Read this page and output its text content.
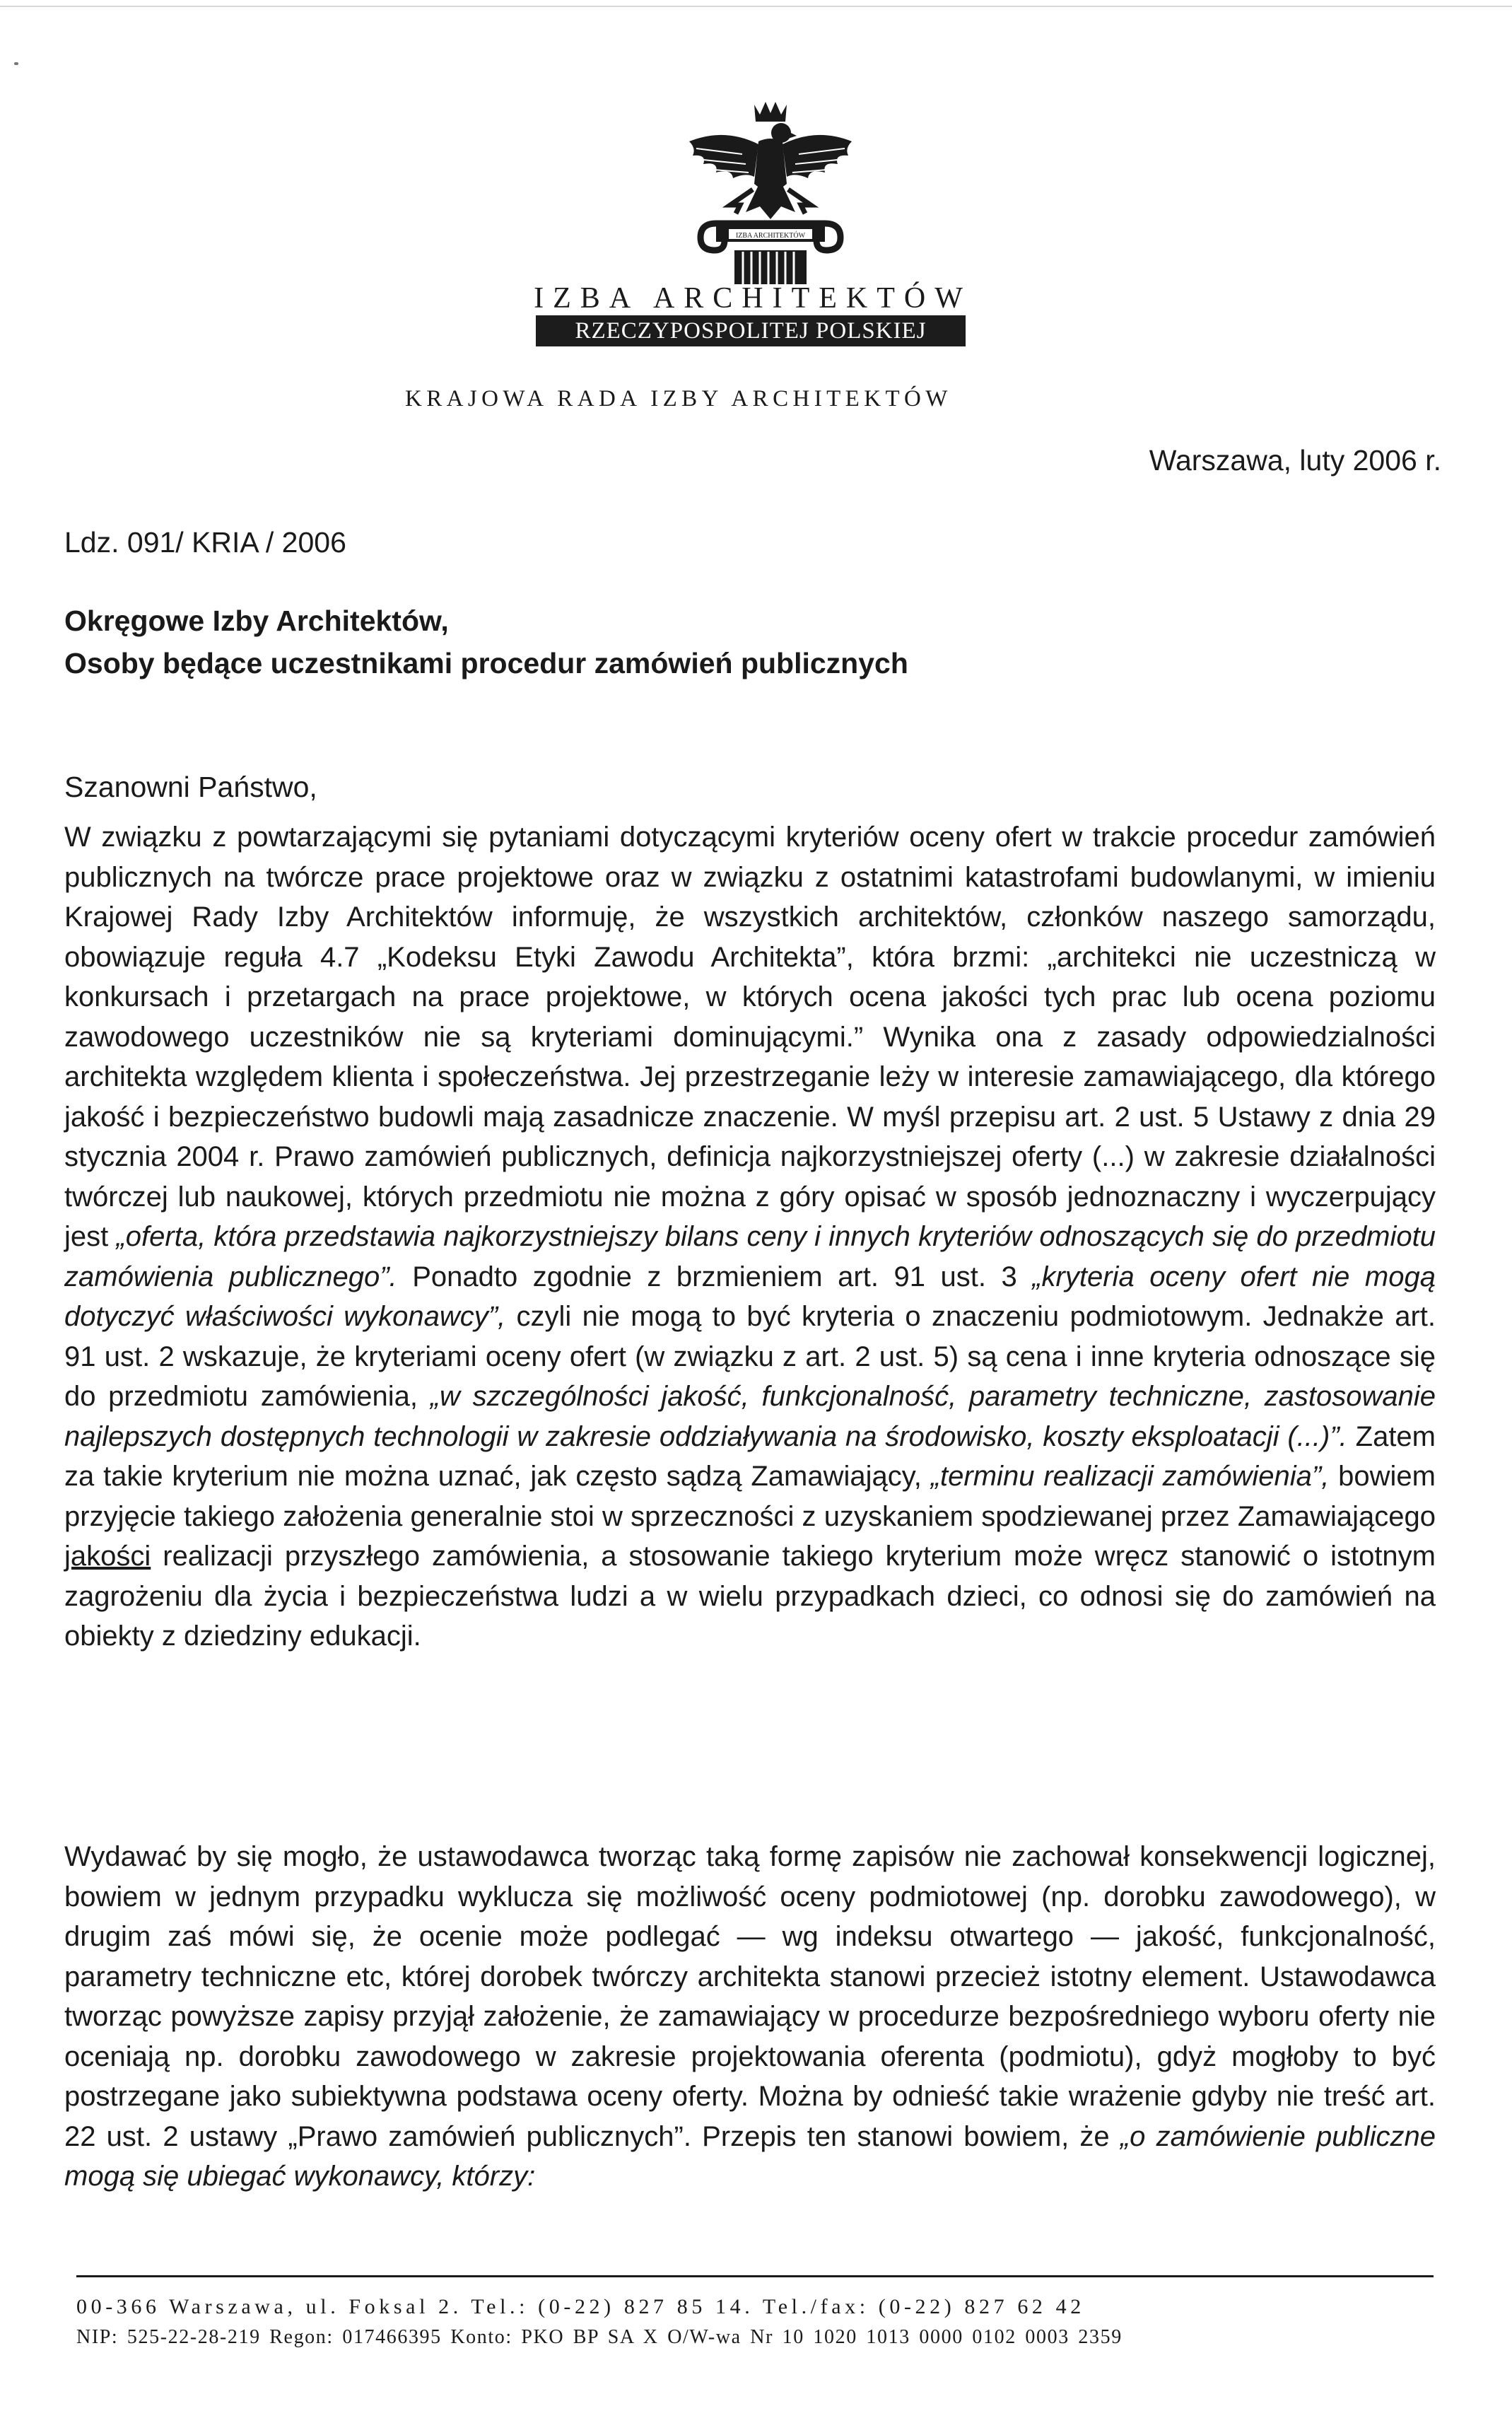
IZBA ARCHITEKTÓW
IZBA ARCHITEKTÓW
RZECZYPOSPOLITEJ POLSKIEJ
KRAJOWA RADA IZBY ARCHITEKTÓW
Warszawa, luty 2006 r.
Ldz. 091/ KRIA / 2006
Okręgowe Izby Architektów,
Osoby będące uczestnikami procedur zamówień publicznych
Szanowni Państwo,

W związku z powtarzającymi się pytaniami dotyczącymi kryteriów oceny ofert w trakcie procedur zamówień publicznych na twórcze prace projektowe oraz w związku z ostatnimi katastrofami budowlanymi, w imieniu Krajowej Rady Izby Architektów informuję, że wszystkich architektów, członków naszego samorządu, obowiązuje reguła 4.7 „Kodeksu Etyki Zawodu Architekta”, która brzmi: „architekci nie uczestniczą w konkursach i przetargach na prace projektowe, w których ocena jakości tych prac lub ocena poziomu zawodowego uczestników nie są kryteriami dominującymi.” Wynika ona z zasady odpowiedzialności architekta względem klienta i społeczeństwa. Jej przestrzeganie leży w interesie zamawiającego, dla którego jakość i bezpieczeństwo budowli mają zasadnicze znaczenie. W myśl przepisu art. 2 ust. 5 Ustawy z dnia 29 stycznia 2004 r. Prawo zamówień publicznych, definicja najkorzystniejszej oferty (...) w zakresie działalności twórczej lub naukowej, których przedmiotu nie można z góry opisać w sposób jednoznaczny i wyczerpujący jest „oferta, która przedstawia najkorzystniejszy bilans ceny i innych kryteriów odnoszących się do przedmiotu zamówienia publicznego”. Ponadto zgodnie z brzmieniem art. 91 ust. 3 „kryteria oceny ofert nie mogą dotyczyć właściwości wykonawcy”, czyli nie mogą to być kryteria o znaczeniu podmiotowym. Jednakże art. 91 ust. 2 wskazuje, że kryteriami oceny ofert (w związku z art. 2 ust. 5) są cena i inne kryteria odnoszące się do przedmiotu zamówienia, „w szczególności jakość, funkcjonalność, parametry techniczne, zastosowanie najlepszych dostępnych technologii w zakresie oddziaływania na środowisko, koszty eksploatacji (...)”. Zatem za takie kryterium nie można uznać, jak często sądzą Zamawiający, „terminu realizacji zamówienia”, bowiem przyjęcie takiego założenia generalnie stoi w sprzeczności z uzyskaniem spodziewanej przez Zamawiającego jakości realizacji przyszłego zamówienia, a stosowanie takiego kryterium może wręcz stanowić o istotnym zagrożeniu dla życia i bezpieczeństwa ludzi a w wielu przypadkach dzieci, co odnosi się do zamówień na obiekty z dziedziny edukacji.

Wydawać by się mogło, że ustawodawca tworząc taką formę zapisów nie zachował konsekwencji logicznej, bowiem w jednym przypadku wyklucza się możliwość oceny podmiotowej (np. dorobku zawodowego), w drugim zaś mówi się, że ocenie może podlegać — wg indeksu otwartego — jakość, funkcjonalność, parametry techniczne etc, której dorobek twórczy architekta stanowi przecież istotny element. Ustawodawca tworząc powyższe zapisy przyjął założenie, że zamawiający w procedurze bezpośredniego wyboru oferty nie oceniają np. dorobku zawodowego w zakresie projektowania oferenta (podmiotu), gdyż mogłoby to być postrzegane jako subiektywna podstawa oceny oferty. Można by odnieść takie wrażenie gdyby nie treść art. 22 ust. 2 ustawy „Prawo zamówień publicznych”. Przepis ten stanowi bowiem, że „o zamówienie publiczne mogą się ubiegać wykonawcy, którzy:

00-366 Warszawa, ul. Foksal 2. Tel.: (0-22) 827 85 14. Tel./fax: (0-22) 827 62 42
NIP: 525-22-28-219 Regon: 017466395 Konto: PKO BP SA X O/W-wa Nr 10 1020 1013 0000 0102 0003 2359
